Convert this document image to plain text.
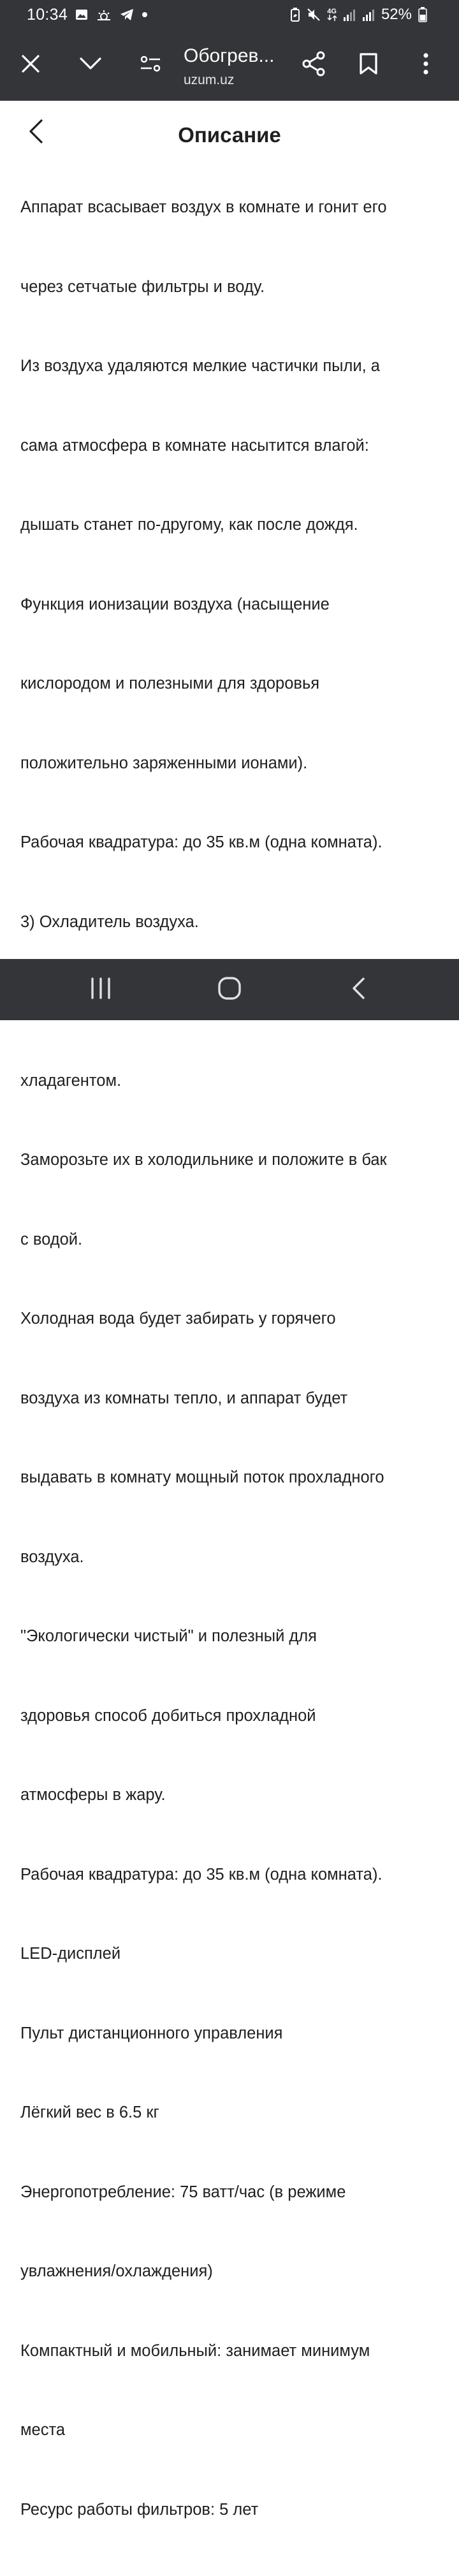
10:34	4G	52%
Обогрев...
uzum.uz
Описание

Аппарат всасывает воздух в комнате и гонит его

через сетчатые фильтры и воду.

Из воздуха удаляются мелкие частички пыли, а

сама атмосфера в комнате насытится влагой:

дышать станет по-другому, как после дождя.

Функция ионизации воздуха (насыщение

кислородом и полезными для здоровья

положительно заряженными ионами).

Рабочая квадратура: до 35 кв.м (одна комната).

3) Охладитель воздуха.

хладагентом.

Заморозьте их в холодильнике и положите в бак

с водой.

Холодная вода будет забирать у горячего

воздуха из комнаты тепло, и аппарат будет

выдавать в комнату мощный поток прохладного

воздуха.

"Экологически чистый" и полезный для

здоровья способ добиться прохладной

атмосферы в жару.

Рабочая квадратура: до 35 кв.м (одна комната).

LED-дисплей

Пульт дистанционного управления

Лёгкий вес в 6.5 кг

Энергопотребление: 75 ватт/час (в режиме

увлажнения/охлаждения)

Компактный и мобильный: занимает минимум

места

Ресурс работы фильтров: 5 лет
